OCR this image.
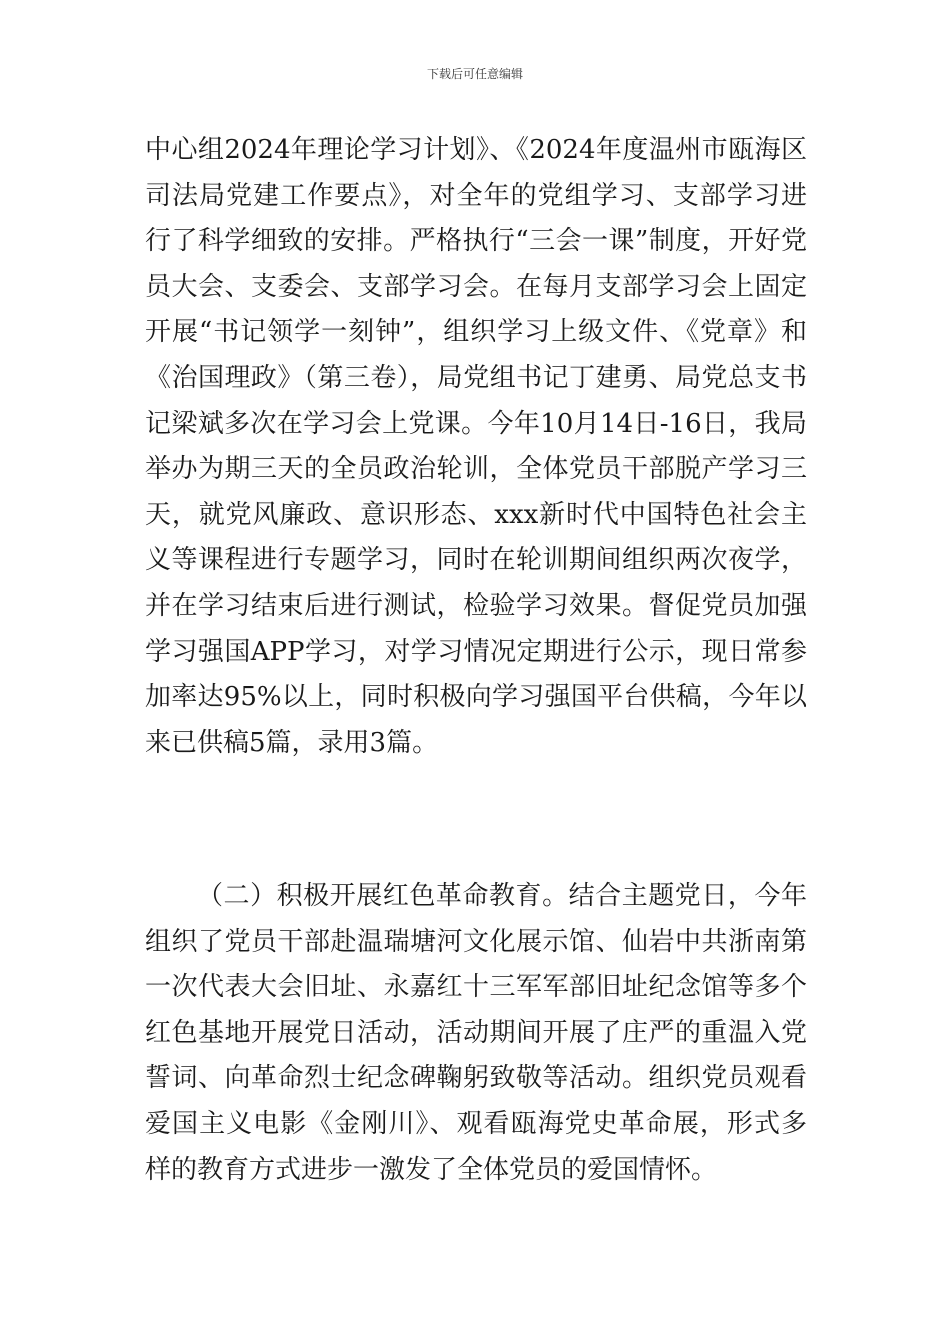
下载后可任意编辑

中心组2024年理论学习计划》、《2024年度温州市瓯海区司法局党建工作要点》，对全年的党组学习、支部学习进行了科学细致的安排。严格执行“三会一课”制度，开好党员大会、支委会、支部学习会。在每月支部学习会上固定开展“书记领学一刻钟”，组织学习上级文件、《党章》和《治国理政》（第三卷），局党组书记丁建勇、局党总支书记梁斌多次在学习会上党课。今年10月14日-16日，我局举办为期三天的全员政治轮训，全体党员干部脱产学习三天，就党风廉政、意识形态、xxx新时代中国特色社会主义等课程进行专题学习，同时在轮训期间组织两次夜学，并在学习结束后进行测试，检验学习效果。督促党员加强学习强国APP学习，对学习情况定期进行公示，现日常参加率达95%以上，同时积极向学习强国平台供稿，今年以来已供稿5篇，录用3篇。

（二）积极开展红色革命教育。结合主题党日，今年组织了党员干部赴温瑞塘河文化展示馆、仙岩中共浙南第一次代表大会旧址、永嘉红十三军军部旧址纪念馆等多个红色基地开展党日活动，活动期间开展了庄严的重温入党誓词、向革命烈士纪念碑鞠躬致敬等活动。组织党员观看爱国主义电影《金刚川》、观看瓯海党史革命展，形式多样的教育方式进步一激发了全体党员的爱国情怀。
